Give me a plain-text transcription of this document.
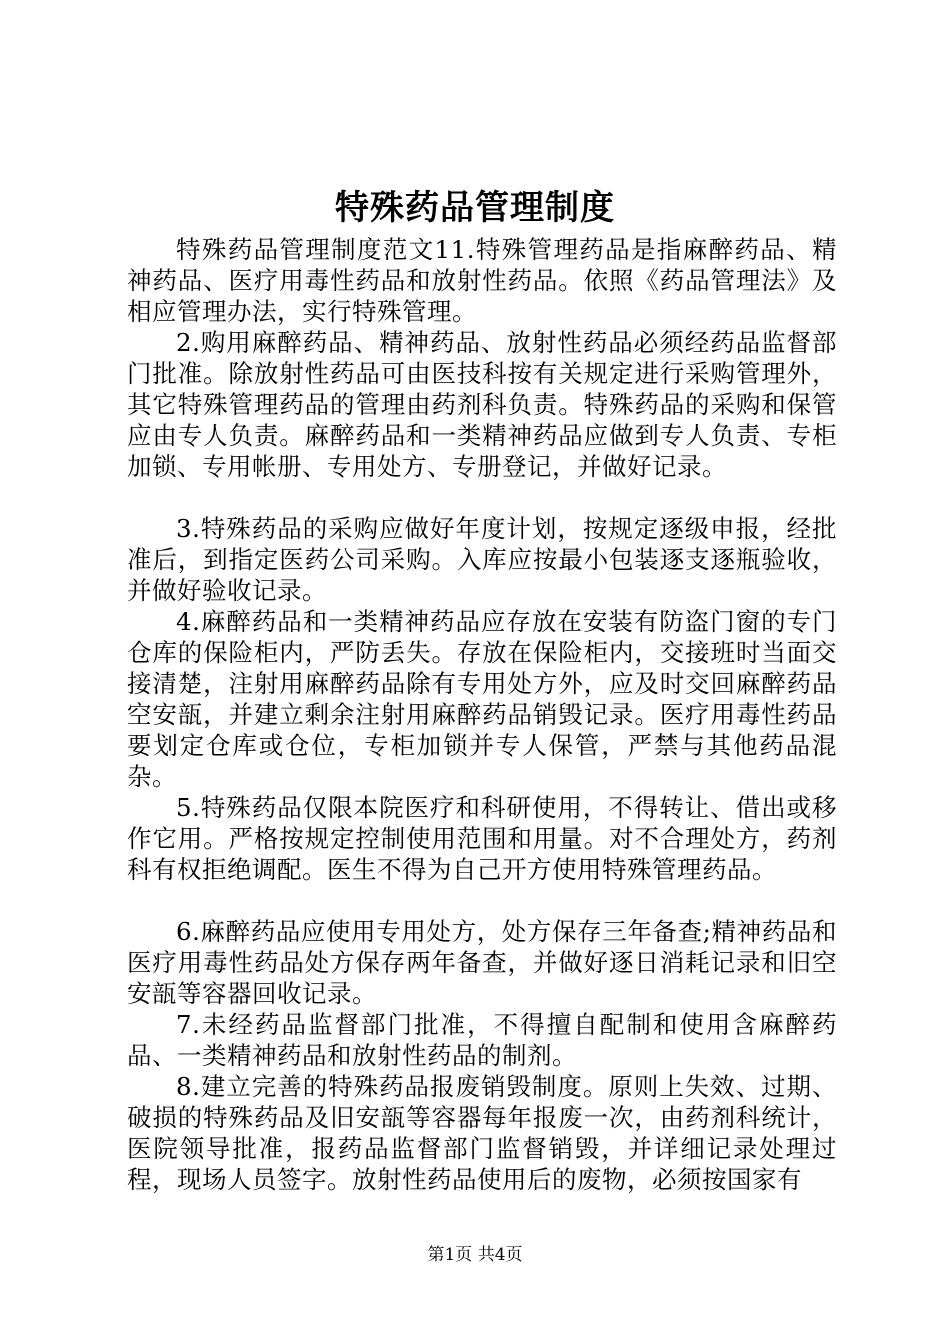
特殊药品管理制度

特殊药品管理制度范文11.特殊管理药品是指麻醉药品、精神药品、医疗用毒性药品和放射性药品。依照《药品管理法》及相应管理办法，实行特殊管理。

2.购用麻醉药品、精神药品、放射性药品必须经药品监督部门批准。除放射性药品可由医技科按有关规定进行采购管理外，其它特殊管理药品的管理由药剂科负责。特殊药品的采购和保管应由专人负责。麻醉药品和一类精神药品应做到专人负责、专柜加锁、专用帐册、专用处方、专册登记，并做好记录。

3.特殊药品的采购应做好年度计划，按规定逐级申报，经批准后，到指定医药公司采购。入库应按最小包装逐支逐瓶验收，并做好验收记录。

4.麻醉药品和一类精神药品应存放在安装有防盗门窗的专门仓库的保险柜内，严防丢失。存放在保险柜内，交接班时当面交接清楚，注射用麻醉药品除有专用处方外，应及时交回麻醉药品空安瓿，并建立剩余注射用麻醉药品销毁记录。医疗用毒性药品要划定仓库或仓位，专柜加锁并专人保管，严禁与其他药品混杂。

5.特殊药品仅限本院医疗和科研使用，不得转让、借出或移作它用。严格按规定控制使用范围和用量。对不合理处方，药剂科有权拒绝调配。医生不得为自己开方使用特殊管理药品。

6.麻醉药品应使用专用处方，处方保存三年备查;精神药品和医疗用毒性药品处方保存两年备查，并做好逐日消耗记录和旧空安瓿等容器回收记录。

7.未经药品监督部门批准，不得擅自配制和使用含麻醉药品、一类精神药品和放射性药品的制剂。

8.建立完善的特殊药品报废销毁制度。原则上失效、过期、破损的特殊药品及旧安瓿等容器每年报废一次，由药剂科统计，医院领导批准，报药品监督部门监督销毁，并详细记录处理过程，现场人员签字。放射性药品使用后的废物，必须按国家有

第1页 共4页
